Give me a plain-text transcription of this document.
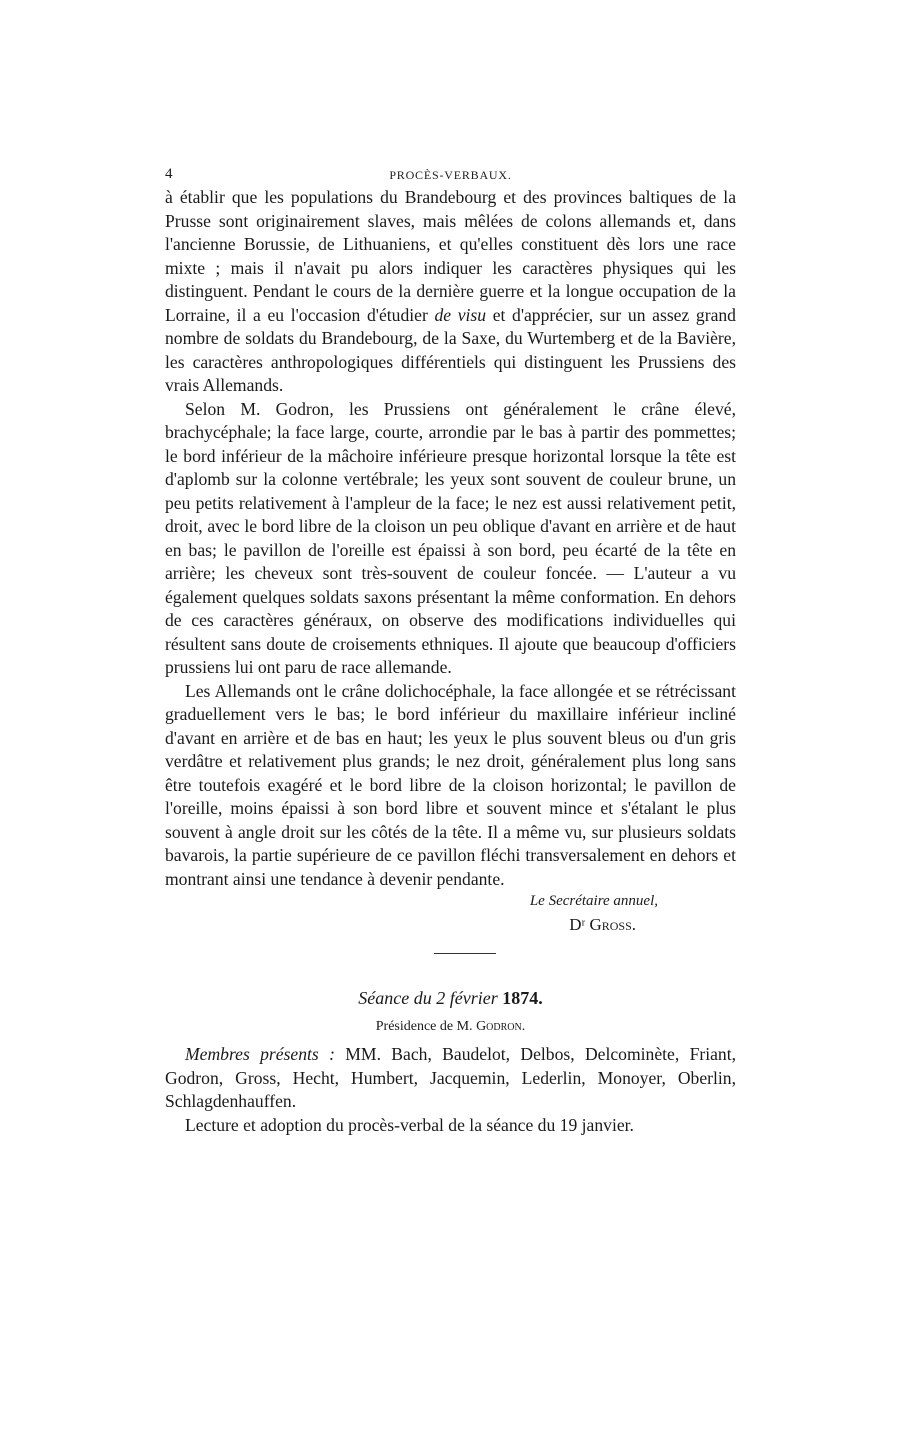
4	PROCÈS-VERBAUX.

à établir que les populations du Brandebourg et des provinces baltiques de la Prusse sont originairement slaves, mais mêlées de colons allemands et, dans l'ancienne Borussie, de Lithuaniens, et qu'elles constituent dès lors une race mixte ; mais il n'avait pu alors indiquer les caractères physiques qui les distinguent. Pendant le cours de la dernière guerre et la longue occupation de la Lorraine, il a eu l'occasion d'étudier de visu et d'apprécier, sur un assez grand nombre de soldats du Brandebourg, de la Saxe, du Wurtemberg et de la Bavière, les caractères anthropologiques différentiels qui distinguent les Prussiens des vrais Allemands.

Selon M. Godron, les Prussiens ont généralement le crâne élevé, brachycéphale; la face large, courte, arrondie par le bas à partir des pommettes; le bord inférieur de la mâchoire inférieure presque horizontal lorsque la tête est d'aplomb sur la colonne vertébrale; les yeux sont souvent de couleur brune, un peu petits relativement à l'ampleur de la face; le nez est aussi relativement petit, droit, avec le bord libre de la cloison un peu oblique d'avant en arrière et de haut en bas; le pavillon de l'oreille est épaissi à son bord, peu écarté de la tête en arrière; les cheveux sont très-souvent de couleur foncée. — L'auteur a vu également quelques soldats saxons présentant la même conformation. En dehors de ces caractères généraux, on observe des modifications individuelles qui résultent sans doute de croisements ethniques. Il ajoute que beaucoup d'officiers prussiens lui ont paru de race allemande.

Les Allemands ont le crâne dolichocéphale, la face allongée et se rétrécissant graduellement vers le bas; le bord inférieur du maxillaire inférieur incliné d'avant en arrière et de bas en haut; les yeux le plus souvent bleus ou d'un gris verdâtre et relativement plus grands; le nez droit, généralement plus long sans être toutefois exagéré et le bord libre de la cloison horizontal; le pavillon de l'oreille, moins épaissi à son bord libre et souvent mince et s'étalant le plus souvent à angle droit sur les côtés de la tête. Il a même vu, sur plusieurs soldats bavarois, la partie supérieure de ce pavillon fléchi transversalement en dehors et montrant ainsi une tendance à devenir pendante.

Le Secrétaire annuel,
Dʳ Gross.
Séance du 2 février 1874.
Présidence de M. Godron.

Membres présents : MM. Bach, Baudelot, Delbos, Delcominète, Friant, Godron, Gross, Hecht, Humbert, Jacquemin, Lederlin, Monoyer, Oberlin, Schlagdenhauffen.

Lecture et adoption du procès-verbal de la séance du 19 janvier.
